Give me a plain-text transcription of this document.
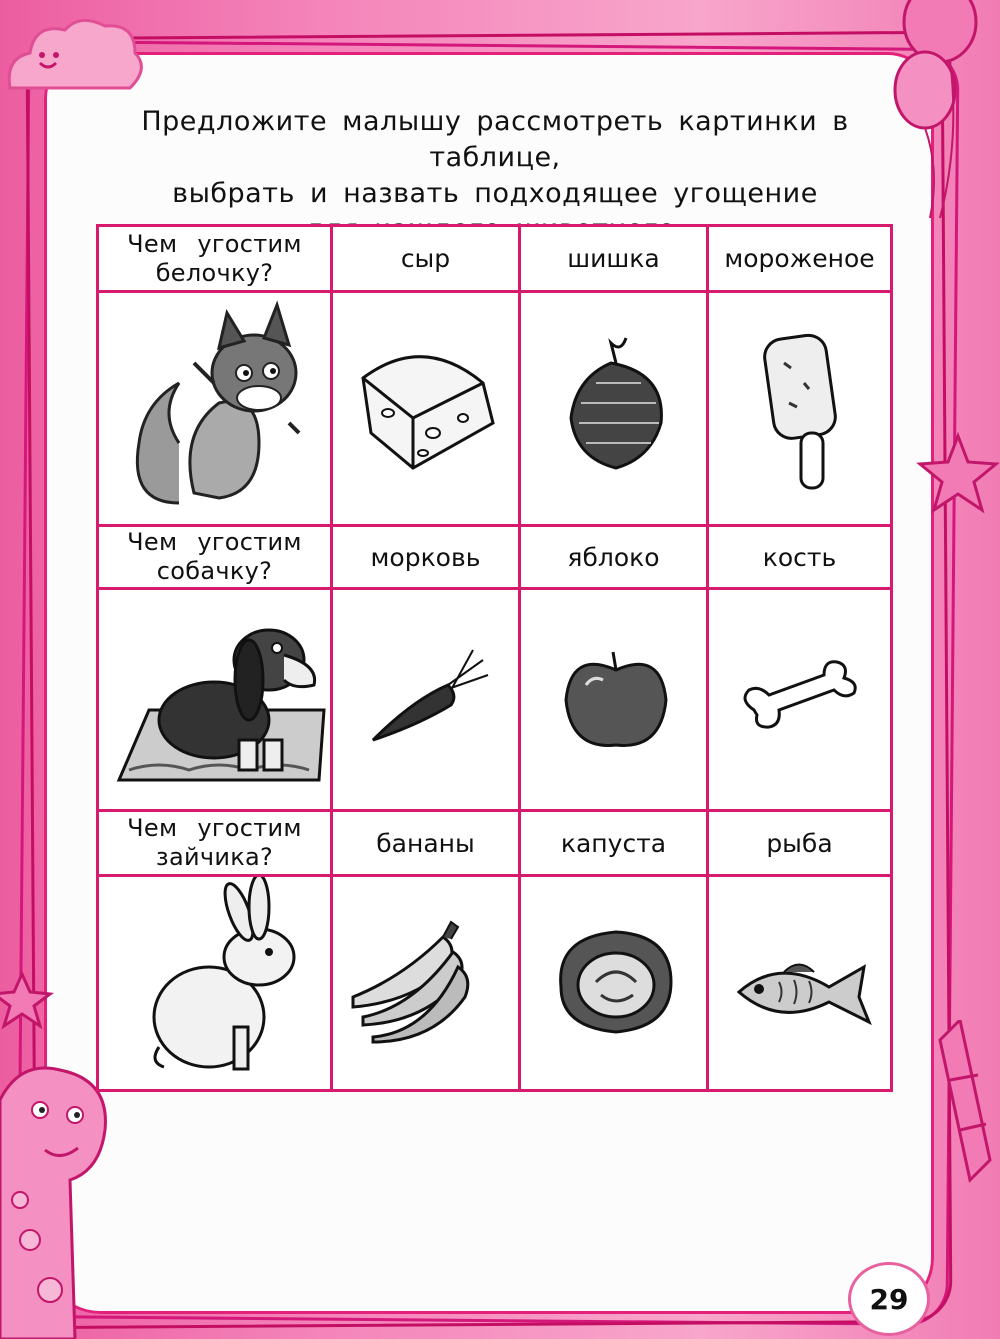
Предложите малышу рассмотреть картинки в таблице,
выбрать и назвать подходящее угощение
Чем угостим
белочку?	сыр	шишка	мороженое
Чем угостим
собачку?	морковь	яблоко	кость
Чем угостим
зайчика?	бананы	капуста	рыба
29
